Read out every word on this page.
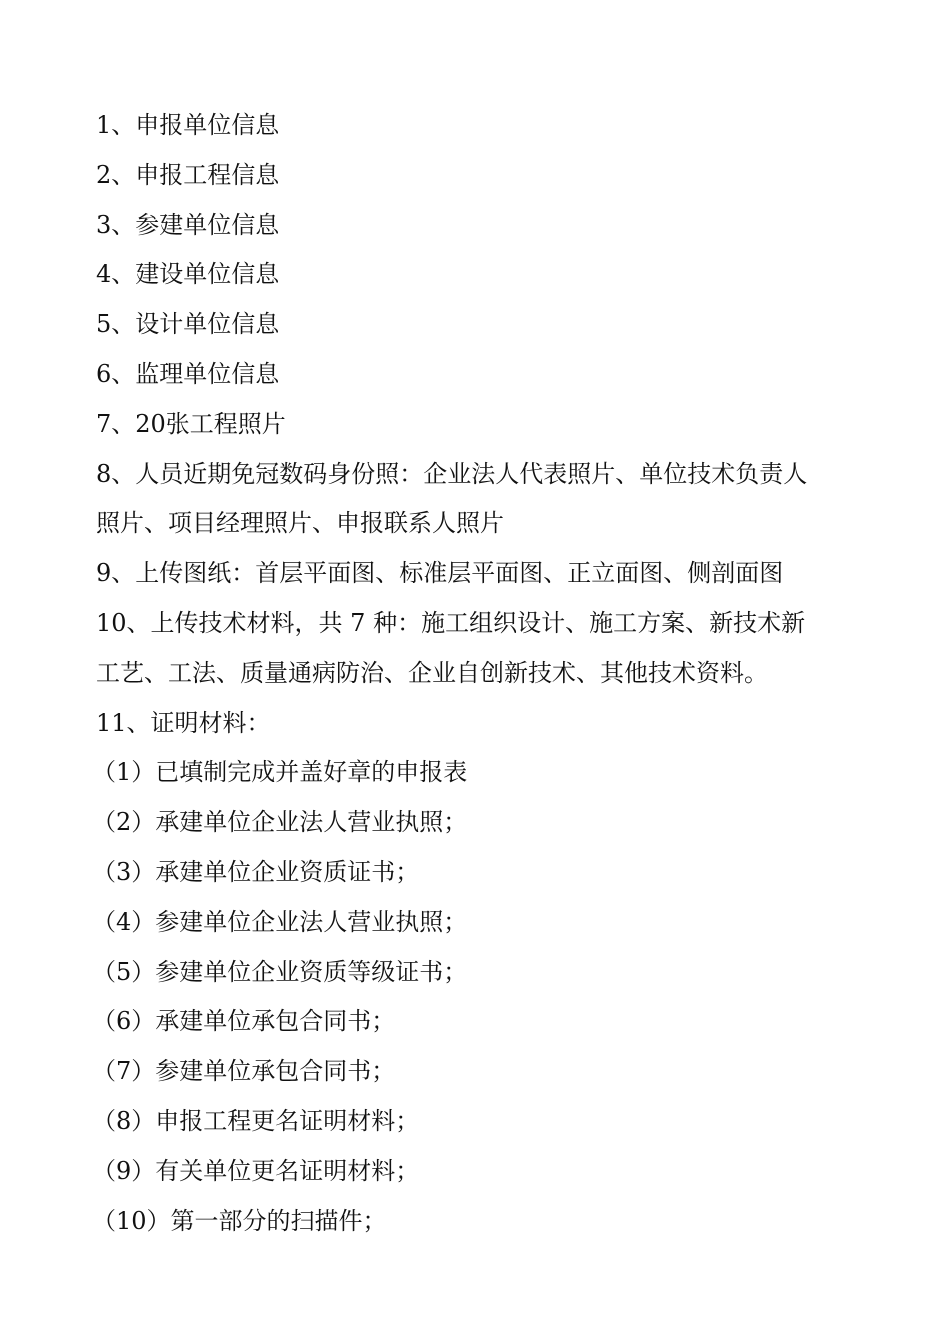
1、申报单位信息
2、申报工程信息
3、参建单位信息
4、建设单位信息
5、设计单位信息
6、监理单位信息
7、20张工程照片
8、人员近期免冠数码身份照：企业法人代表照片、单位技术负责人
照片、项目经理照片、申报联系人照片
9、上传图纸：首层平面图、标准层平面图、正立面图、侧剖面图
10、上传技术材料，共 7 种：施工组织设计、施工方案、新技术新
工艺、工法、质量通病防治、企业自创新技术、其他技术资料。
11、证明材料：
（1）已填制完成并盖好章的申报表
（2）承建单位企业法人营业执照；
（3）承建单位企业资质证书；
（4）参建单位企业法人营业执照；
（5）参建单位企业资质等级证书；
（6）承建单位承包合同书；
（7）参建单位承包合同书；
（8）申报工程更名证明材料；
（9）有关单位更名证明材料；
（10）第一部分的扫描件；
